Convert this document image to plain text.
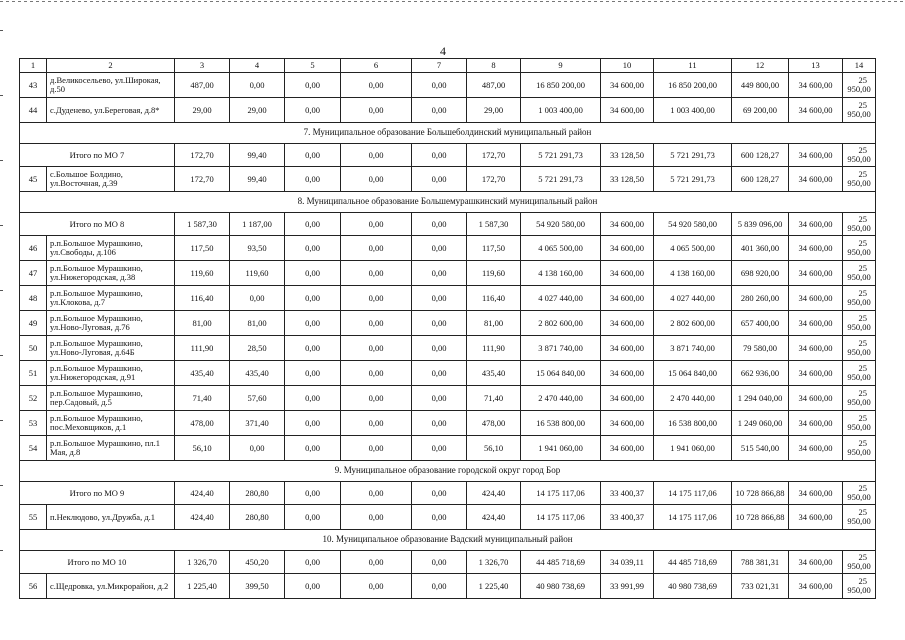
4
1	2	3	4	5	6	7	8	9	10	11	12	13	14
43	д.Великосельево, ул.Широкая, д.50	487,00	0,00	0,00	0,00	0,00	487,00	16 850 200,00	34 600,00	16 850 200,00	449 800,00	34 600,00	25
950,00

44	с.Дуденево, ул.Береговая, д.8*	29,00	29,00	0,00	0,00	0,00	29,00	1 003 400,00	34 600,00	1 003 400,00	69 200,00	34 600,00	25
950,00

7. Муниципальное образование Большеболдинский муниципальный район													
Итого по МО 7		172,70	99,40	0,00	0,00	0,00	172,70	5 721 291,73	33 128,50	5 721 291,73	600 128,27	34 600,00	25
950,00

45	с.Большое Болдино, ул.Восточная, д.39	172,70	99,40	0,00	0,00	0,00	172,70	5 721 291,73	33 128,50	5 721 291,73	600 128,27	34 600,00	25
950,00

8. Муниципальное образование Большемурашкинский муниципальный район													
Итого по МО 8		1 587,30	1 187,00	0,00	0,00	0,00	1 587,30	54 920 580,00	34 600,00	54 920 580,00	5 839 096,00	34 600,00	25
950,00

46	р.п.Большое Мурашкино, ул.Свободы, д.106	117,50	93,50	0,00	0,00	0,00	117,50	4 065 500,00	34 600,00	4 065 500,00	401 360,00	34 600,00	25
950,00

47	р.п.Большое Мурашкино, ул.Нижегородская, д.38	119,60	119,60	0,00	0,00	0,00	119,60	4 138 160,00	34 600,00	4 138 160,00	698 920,00	34 600,00	25
950,00

48	р.п.Большое Мурашкино, ул.Клокова, д.7	116,40	0,00	0,00	0,00	0,00	116,40	4 027 440,00	34 600,00	4 027 440,00	280 260,00	34 600,00	25
950,00

49	р.п.Большое Мурашкино, ул.Ново-Луговая, д.76	81,00	81,00	0,00	0,00	0,00	81,00	2 802 600,00	34 600,00	2 802 600,00	657 400,00	34 600,00	25
950,00

50	р.п.Большое Мурашкино, ул.Ново-Луговая, д.64Б	111,90	28,50	0,00	0,00	0,00	111,90	3 871 740,00	34 600,00	3 871 740,00	79 580,00	34 600,00	25
950,00

51	р.п.Большое Мурашкино, ул.Нижегородская, д.91	435,40	435,40	0,00	0,00	0,00	435,40	15 064 840,00	34 600,00	15 064 840,00	662 936,00	34 600,00	25
950,00

52	р.п.Большое Мурашкино, пер.Садовый, д.5	71,40	57,60	0,00	0,00	0,00	71,40	2 470 440,00	34 600,00	2 470 440,00	1 294 040,00	34 600,00	25
950,00

53	р.п.Большое Мурашкино, пос.Меховщиков, д.1	478,00	371,40	0,00	0,00	0,00	478,00	16 538 800,00	34 600,00	16 538 800,00	1 249 060,00	34 600,00	25
950,00

54	р.п.Большое Мурашкино, пл.1 Мая, д.8	56,10	0,00	0,00	0,00	0,00	56,10	1 941 060,00	34 600,00	1 941 060,00	515 540,00	34 600,00	25
950,00

9. Муниципальное образование городской округ город Бор													
Итого по МО 9		424,40	280,80	0,00	0,00	0,00	424,40	14 175 117,06	33 400,37	14 175 117,06	10 728 866,88	34 600,00	25
950,00

55	п.Неклюдово, ул.Дружба, д.1	424,40	280,80	0,00	0,00	0,00	424,40	14 175 117,06	33 400,37	14 175 117,06	10 728 866,88	34 600,00	25
950,00

10. Муниципальное образование Вадский муниципальный район													
Итого по МО 10		1 326,70	450,20	0,00	0,00	0,00	1 326,70	44 485 718,69	34 039,11	44 485 718,69	788 381,31	34 600,00	25
950,00

56	с.Щедровка, ул.Микрорайон, д.2	1 225,40	399,50	0,00	0,00	0,00	1 225,40	40 980 738,69	33 991,99	40 980 738,69	733 021,31	34 600,00	25
950,00
